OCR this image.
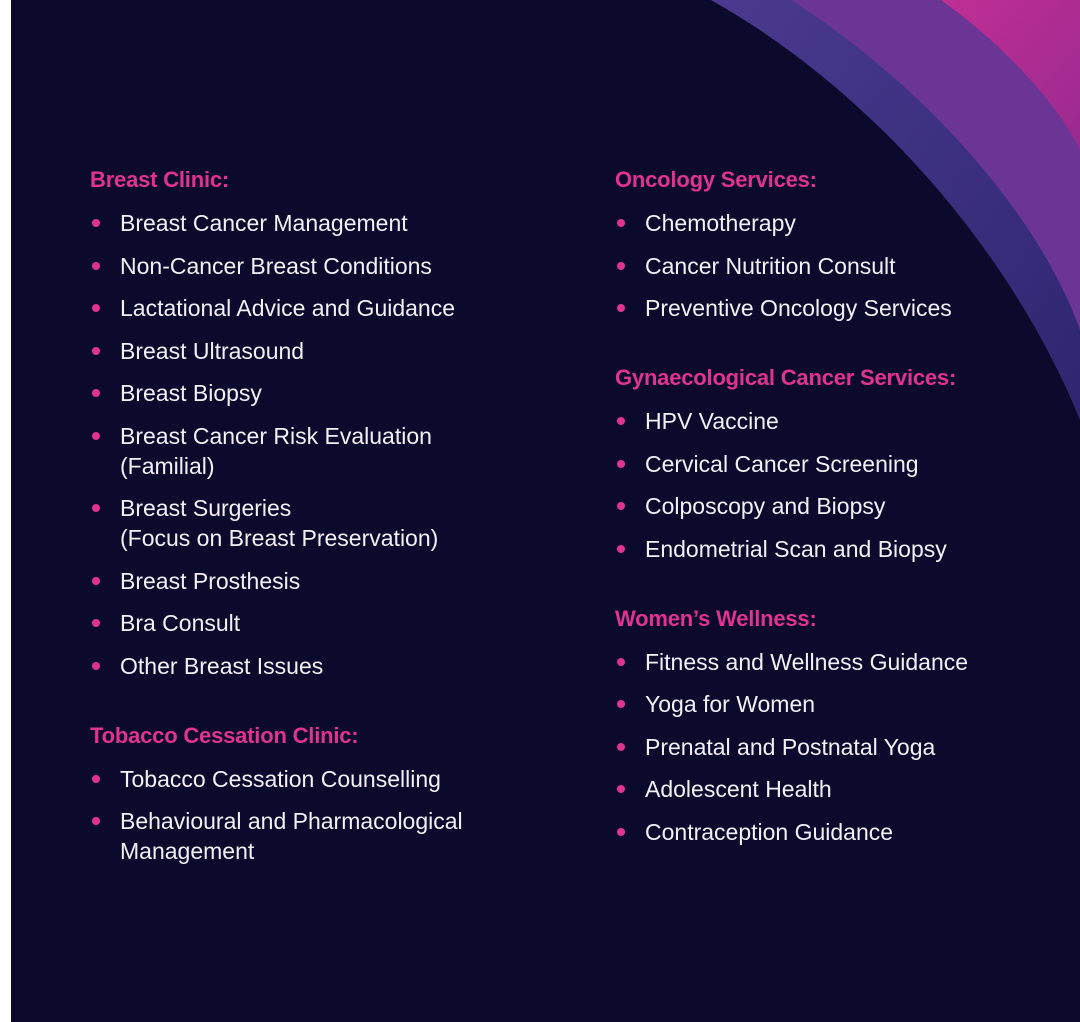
Breast Clinic:
Breast Cancer Management
Non-Cancer Breast Conditions
Lactational Advice and Guidance
Breast Ultrasound
Breast Biopsy
Breast Cancer Risk Evaluation
(Familial)
Breast Surgeries
(Focus on Breast Preservation)
Breast Prosthesis
Bra Consult
Other Breast Issues
Tobacco Cessation Clinic:
Tobacco Cessation Counselling
Behavioural and Pharmacological
Management
Oncology Services:
Chemotherapy
Cancer Nutrition Consult
Preventive Oncology Services
Gynaecological Cancer Services:
HPV Vaccine
Cervical Cancer Screening
Colposcopy and Biopsy
Endometrial Scan and Biopsy
Women’s Wellness:
Fitness and Wellness Guidance
Yoga for Women
Prenatal and Postnatal Yoga
Adolescent Health
Contraception Guidance
